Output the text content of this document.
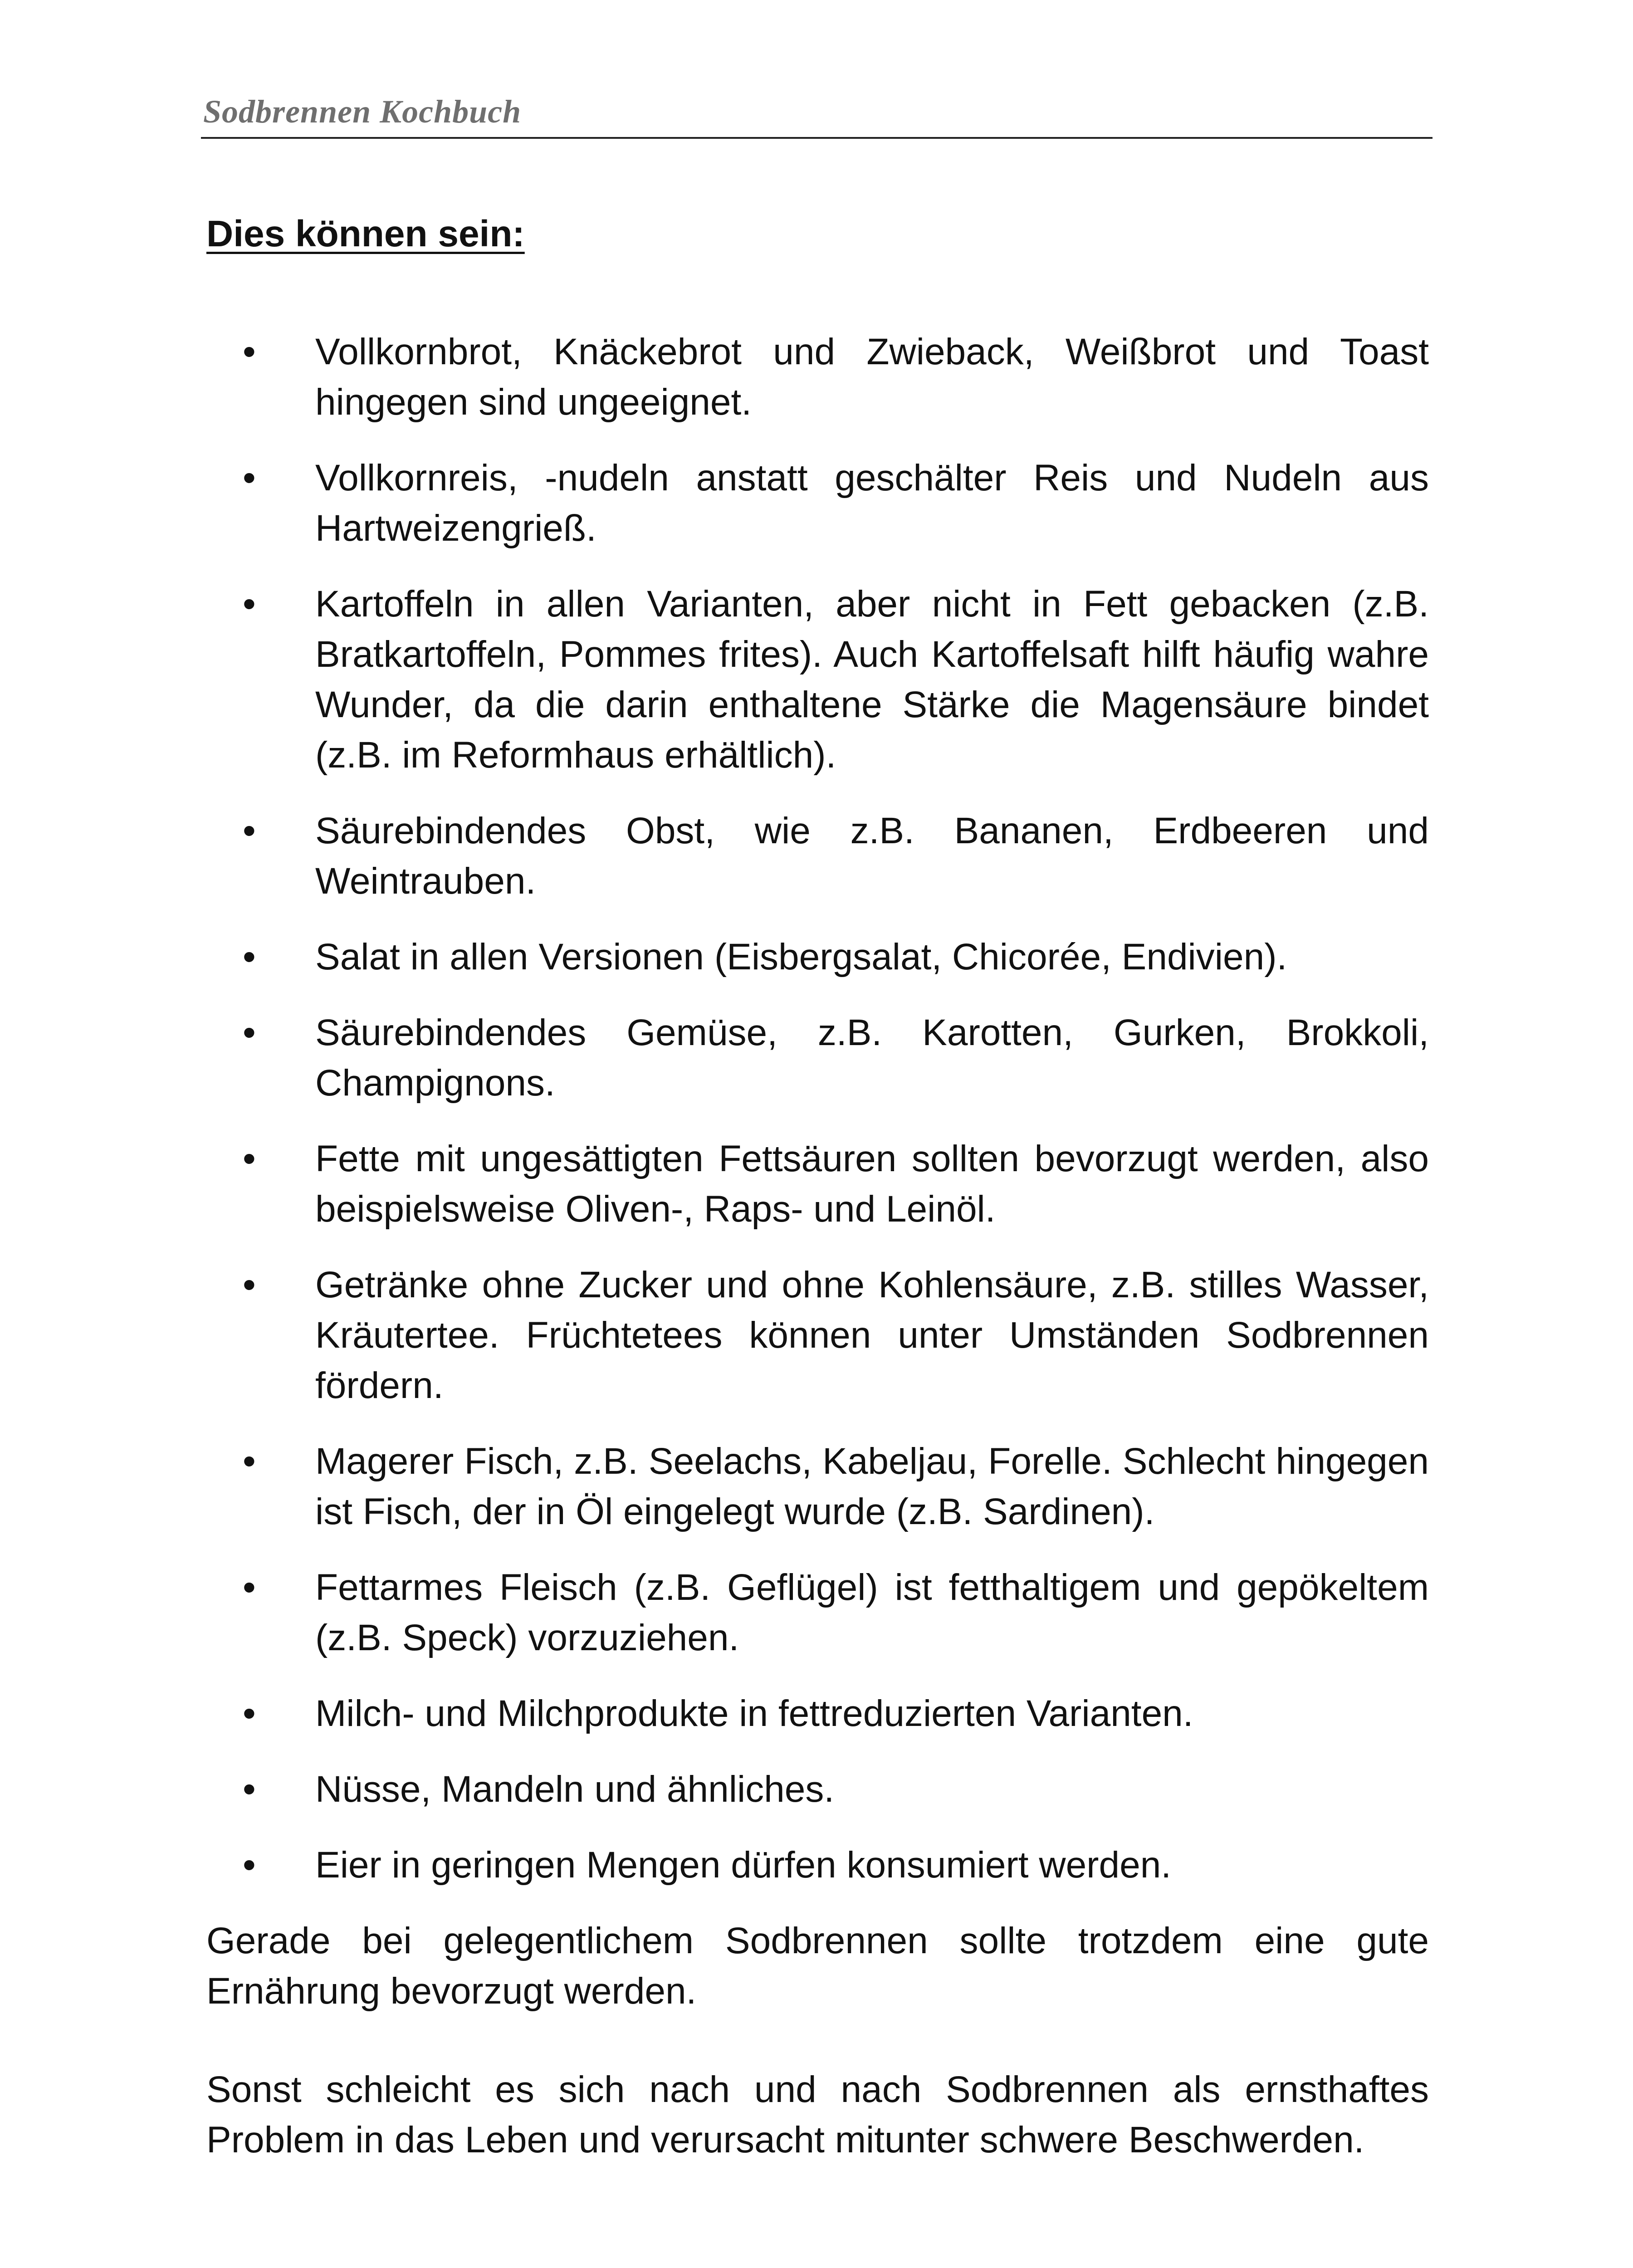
Sodbrennen Kochbuch
Dies können sein:
• Vollkornbrot, Knäckebrot und Zwieback, Weißbrot und Toast hingegen sind ungeeignet.
• Vollkornreis, -nudeln anstatt geschälter Reis und Nudeln aus Hartweizengrieß.
• Kartoffeln in allen Varianten, aber nicht in Fett gebacken (z.B. Bratkartoffeln, Pommes frites). Auch Kartoffelsaft hilft häufig wahre Wunder, da die darin enthaltene Stärke die Magensäure bindet (z.B. im Reformhaus erhältlich).
• Säurebindendes Obst, wie z.B. Bananen, Erdbeeren und Weintrauben.
• Salat in allen Versionen (Eisbergsalat, Chicorée, Endivien).
• Säurebindendes Gemüse, z.B. Karotten, Gurken, Brokkoli, Champignons.
• Fette mit ungesättigten Fettsäuren sollten bevorzugt werden, also beispielsweise Oliven-, Raps- und Leinöl.
• Getränke ohne Zucker und ohne Kohlensäure, z.B. stilles Wasser, Kräutertee. Früchtetees können unter Umständen Sodbrennen fördern.
• Magerer Fisch, z.B. Seelachs, Kabeljau, Forelle. Schlecht hingegen ist Fisch, der in Öl eingelegt wurde (z.B. Sardinen).
• Fettarmes Fleisch (z.B. Geflügel) ist fetthaltigem und gepökeltem (z.B. Speck) vorzuziehen.
• Milch- und Milchprodukte in fettreduzierten Varianten.
• Nüsse, Mandeln und ähnliches.
• Eier in geringen Mengen dürfen konsumiert werden.

Gerade bei gelegentlichem Sodbrennen sollte trotzdem eine gute Ernährung bevorzugt werden.

Sonst schleicht es sich nach und nach Sodbrennen als ernsthaftes Problem in das Leben und verursacht mitunter schwere Beschwerden.
